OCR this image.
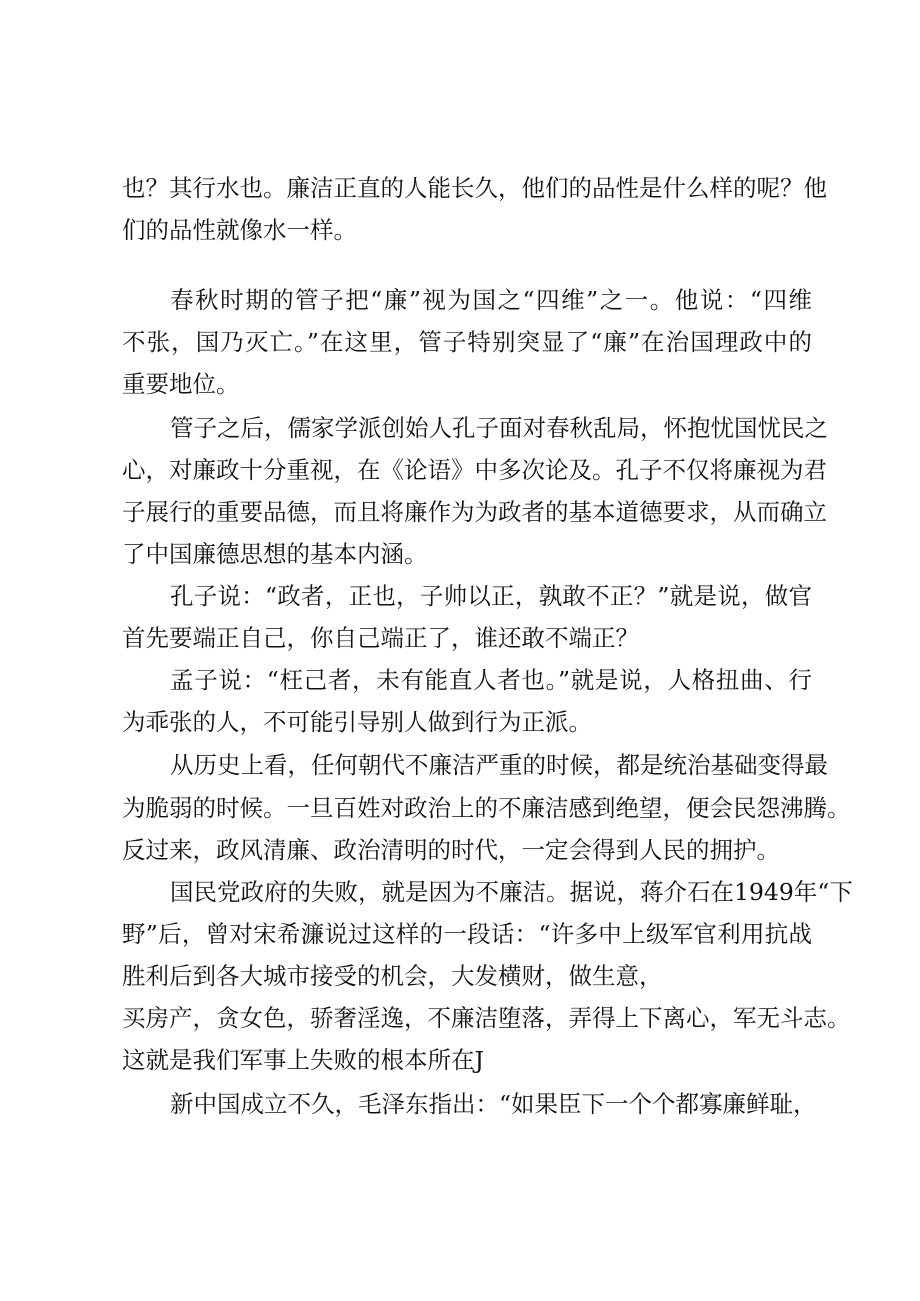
也？其行水也。廉洁正直的人能长久，他们的品性是什么样的呢？他
们的品性就像水一样。
春秋时期的管子把“廉”视为国之“四维”之一。他说：“四维
不张，国乃灭亡。”在这里，管子特别突显了“廉”在治国理政中的
重要地位。
管子之后，儒家学派创始人孔子面对春秋乱局，怀抱忧国忧民之
心，对廉政十分重视，在《论语》中多次论及。孔子不仅将廉视为君
子展行的重要品德，而且将廉作为为政者的基本道德要求，从而确立
了中国廉德思想的基本内涵。
孔子说：“政者，正也，子帅以正，孰敢不正？”就是说，做官
首先要端正自己，你自己端正了，谁还敢不端正？
孟子说：“枉己者，未有能直人者也。”就是说，人格扭曲、行
为乖张的人，不可能引导别人做到行为正派。
从历史上看，任何朝代不廉洁严重的时候，都是统治基础变得最
为脆弱的时候。一旦百姓对政治上的不廉洁感到绝望，便会民怨沸腾。
反过来，政风清廉、政治清明的时代，一定会得到人民的拥护。
国民党政府的失败，就是因为不廉洁。据说，蒋介石在1949年“下
野”后，曾对宋希濂说过这样的一段话：“许多中上级军官利用抗战
胜利后到各大城市接受的机会，大发横财，做生意，
买房产，贪女色，骄奢淫逸，不廉洁堕落，弄得上下离心，军无斗志。
这就是我们军事上失败的根本所在J
新中国成立不久，毛泽东指出：“如果臣下一个个都寡廉鲜耻，
